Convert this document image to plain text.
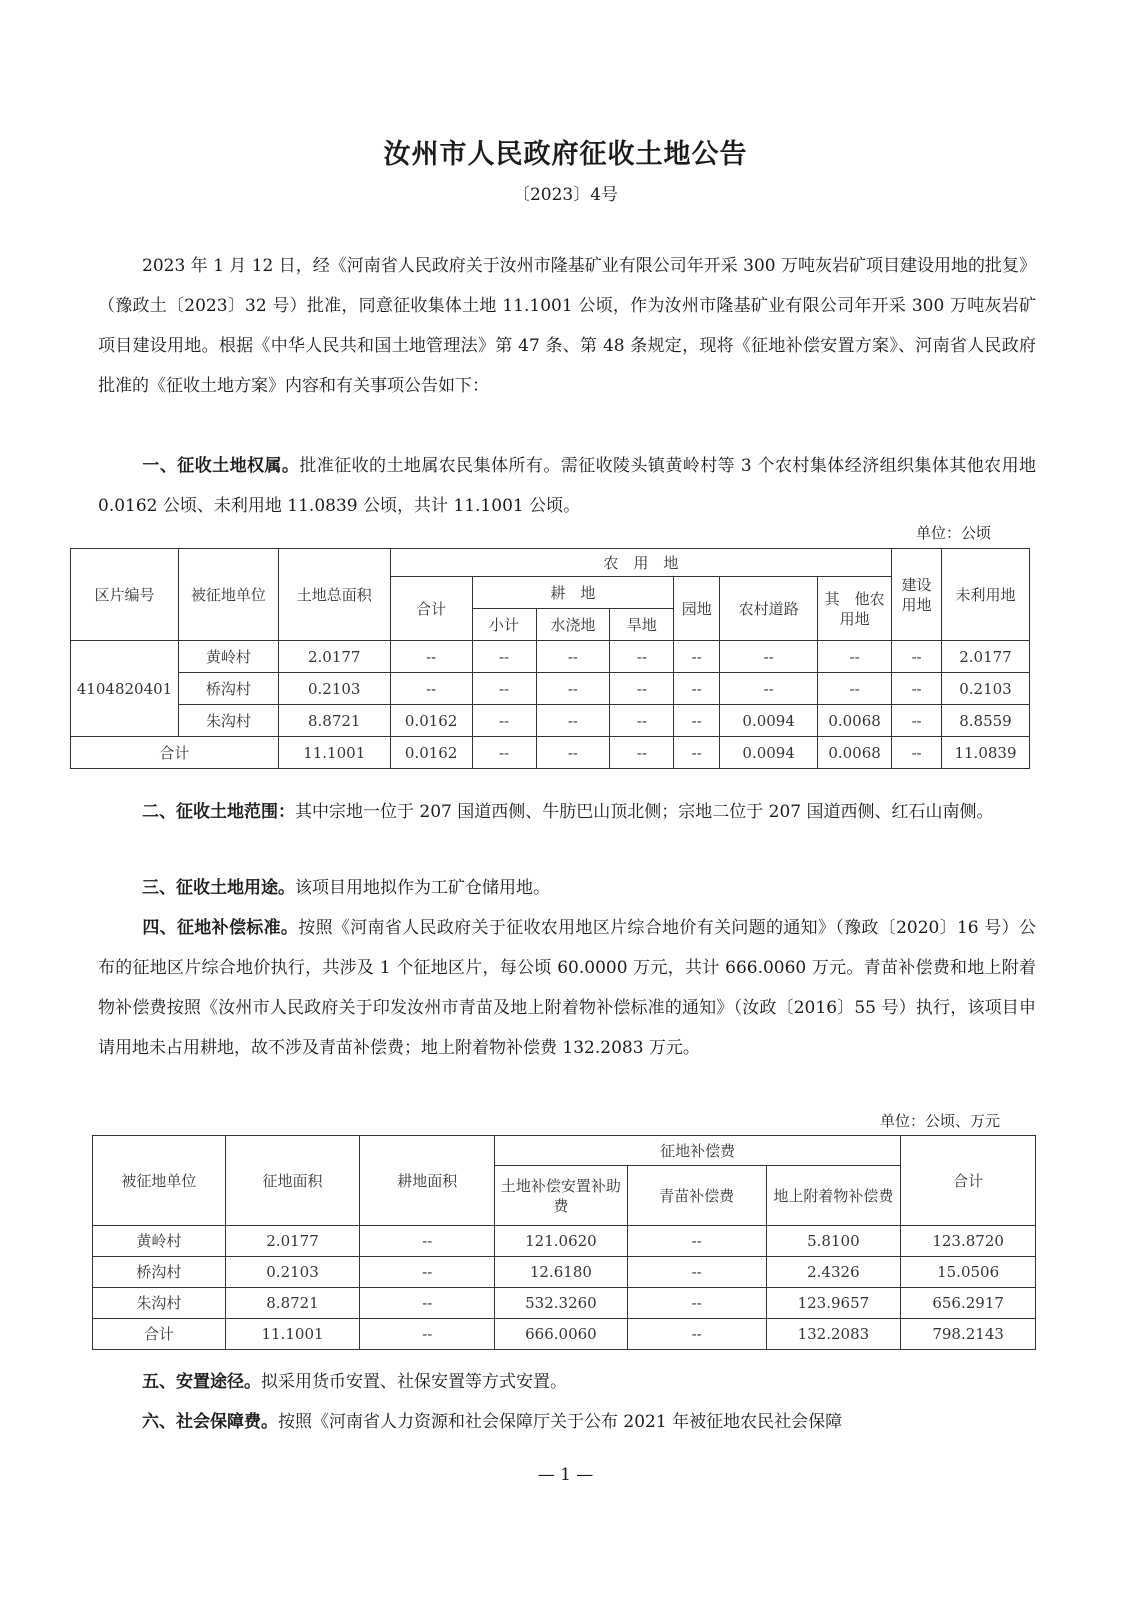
汝州市人民政府征收土地公告
〔2023〕4号

2023 年 1 月 12 日，经《河南省人民政府关于汝州市隆基矿业有限公司年开采 300 万吨灰岩矿项目建设用地的批复》（豫政土〔2023〕32 号）批准，同意征收集体土地 11.1001 公顷，作为汝州市隆基矿业有限公司年开采 300 万吨灰岩矿项目建设用地。根据《中华人民共和国土地管理法》第 47 条、第 48 条规定，现将《征地补偿安置方案》、河南省人民政府批准的《征收土地方案》内容和有关事项公告如下：

一、征收土地权属。批准征收的土地属农民集体所有。需征收陵头镇黄岭村等 3 个农村集体经济组织集体其他农用地 0.0162 公顷、未利用地 11.0839 公顷，共计 11.1001 公顷。

单位：公顷
区片编号	被征地单位	土地总面积	农　用　地							建设用地	未利用地
			合计	耕　地			园地	农村道路	其　他农用地		
				小计	水浇地	旱地					
4104820401	黄岭村	2.0177	--	--	--	--	--	--	--	--	2.0177
	桥沟村	0.2103	--	--	--	--	--	--	--	--	0.2103
	朱沟村	8.8721	0.0162	--	--	--	--	0.0094	0.0068	--	8.8559
合计		11.1001	0.0162	--	--	--	--	0.0094	0.0068	--	11.0839

二、征收土地范围：其中宗地一位于 207 国道西侧、牛肪巴山顶北侧；宗地二位于 207 国道西侧、红石山南侧。

三、征收土地用途。该项目用地拟作为工矿仓储用地。

四、征地补偿标准。按照《河南省人民政府关于征收农用地区片综合地价有关问题的通知》（豫政〔2020〕16 号）公布的征地区片综合地价执行，共涉及 1 个征地区片，每公顷 60.0000 万元，共计 666.0060 万元。青苗补偿费和地上附着物补偿费按照《汝州市人民政府关于印发汝州市青苗及地上附着物补偿标准的通知》（汝政〔2016〕55 号）执行，该项目申请用地未占用耕地，故不涉及青苗补偿费；地上附着物补偿费 132.2083 万元。

单位：公顷、万元
被征地单位	征地面积	耕地面积	征地补偿费			合计
			土地补偿安置补助费	青苗补偿费	地上附着物补偿费	
黄岭村	2.0177	--	121.0620	--	5.8100	123.8720
桥沟村	0.2103	--	12.6180	--	2.4326	15.0506
朱沟村	8.8721	--	532.3260	--	123.9657	656.2917
合计	11.1001	--	666.0060	--	132.2083	798.2143

五、安置途径。拟采用货币安置、社保安置等方式安置。

六、社会保障费。按照《河南省人力资源和社会保障厅关于公布 2021 年被征地农民社会保障

— 1 —
